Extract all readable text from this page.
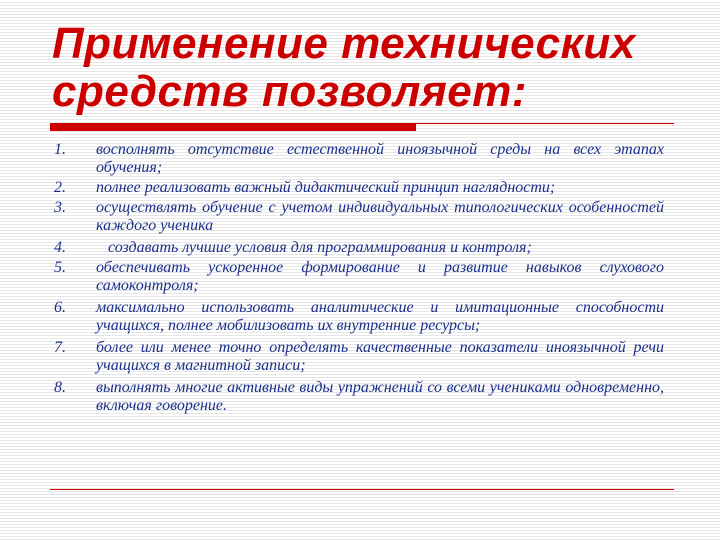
Применение технических средств позволяет:
1. восполнять отсутствие естественной иноязычной среды на всех этапах обучения;
2. полнее реализовать важный дидактический принцип наглядности;
3. осуществлять обучение с учетом индивидуальных типологических особенностей каждого ученика
4.	создавать лучшие условия для программирования и контроля;
5. обеспечивать ускоренное формирование и развитие навыков слухового самоконтроля;
6. максимально использовать аналитические и имитационные способности учащихся, полнее мобилизовать их внутренние ресурсы;
7. более или менее точно определять качественные показатели иноязычной речи учащихся в магнитной записи;
8. выполнять многие активные виды упражнений со всеми учениками одновременно, включая говорение.
